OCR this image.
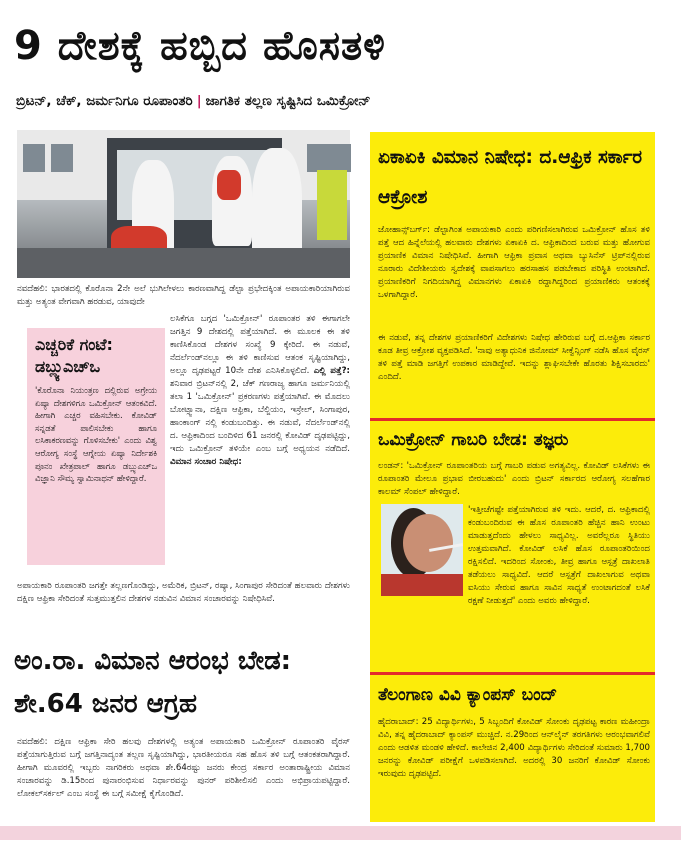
9 ದೇಶಕ್ಕೆ ಹಬ್ಬಿದ ಹೊಸತಳಿ
ಬ್ರಿಟನ್, ಚೆಕ್, ಜರ್ಮನಿಗೂ ರೂಪಾಂತರಿ | ಜಾಗತಿಕ ತಲ್ಲಣ ಸೃಷ್ಟಿಸಿದ ಒಮಿಕ್ರೋನ್
ನವದೆಹಲಿ: ಭಾರತದಲ್ಲಿ ಕೊರೊನಾ 2ನೇ ಅಲೆ ಭುಗಿಲೇಳಲು ಕಾರಣವಾಗಿದ್ದ ಡೆಲ್ಟಾ ಪ್ರಭೇದಕ್ಕಿಂತ ಅಪಾಯಕಾರಿಯಾಗಿರುವ ಮತ್ತು ಅತ್ಯಂತ ವೇಗವಾಗಿ ಹರಡುವ, ಯಾವುದೇ
ಎಚ್ಚರಿಕೆ ಗಂಟೆ: ಡಬ್ಲ್ಯುಎಚ್‌ಒ
'ಕೊರೊನಾ ನಿಯಂತ್ರಣ ದಲ್ಲಿರುವ ಅಗ್ರೇಯ ಏಷ್ಯಾ ದೇಶಗಳಿಗೂ ಒಮಿಕ್ರೋನ್ ಆತಂಕವಿದೆ. ಹೀಗಾಗಿ ಎಚ್ಚರ ವಹಿಸಬೇಕು. ಕೋವಿಡ್ ಸನ್ನಡತೆ ಪಾಲಿಸಬೇಕು ಹಾಗೂ ಲಸಿಕಾಕರಣವನ್ನು ಗೊಳಿಸಬೇಕು' ಎಂದು ವಿಶ್ವ ಆರೋಗ್ಯ ಸಂಸ್ಥೆ ಆಗ್ನೇಯ ಏಷ್ಯಾ ನಿರ್ದೇಶಕಿ ಪೂನಂ ಖೇತ್ರಪಾಲ್ ಹಾಗೂ ಡಬ್ಲ್ಯುಎಚ್‌ಒ ವಿಜ್ಞಾನಿ ಸೌಮ್ಯ ಸ್ವಾಮಿನಾಥನ್ ಹೇಳಿದ್ದಾರೆ.
ಲಸಿಕೆಗೂ ಬಗ್ಗದ 'ಒಮಿಕ್ರೋನ್' ರೂಪಾಂತರ ತಳಿ ಈಗಾಗಲೇ ಜಗತ್ತಿನ 9 ದೇಶದಲ್ಲಿ ಪತ್ತೆಯಾಗಿದೆ. ಈ ಮೂಲಕ ಈ ತಳಿ ಕಾಣಿಸಿಕೊಂಡ ದೇಶಗಳ ಸಂಖ್ಯೆ 9 ಕ್ಕೇರಿದೆ. ಈ ನಡುವೆ, ನೆದರ್ಲೆಂಡ್‌ನಲ್ಲೂ ಈ ತಳಿ ಕಾಣಿಸುವ ಆತಂಕ ಸೃಷ್ಟಿಯಾಗಿದ್ದು, ಅಲ್ಲೂ ದೃಢಪಟ್ಟರೆ 10ನೇ ದೇಶ ಎನಿಸಿಕೊಳ್ಳಲಿದೆ. ಎಲ್ಲಿ ಪತ್ತೆ?: ಶನಿವಾರ ಬ್ರಿಟನ್‌ನಲ್ಲಿ 2, ಚೆಕ್ ಗಣರಾಜ್ಯ ಹಾಗೂ ಜರ್ಮನಿಯಲ್ಲಿ ತಲಾ 1 'ಒಮಿಕ್ರೋನ್' ಪ್ರಕರಣಗಳು ಪತ್ತೆಯಾಗಿವೆ. ಈ ಮೊದಲು ಬೋಟ್ಸ್ವಾನಾ, ದಕ್ಷಿಣ ಆಫ್ರಿಕಾ, ಬೆಲ್ಜಿಯಂ, ಇಸ್ರೇಲ್, ಸಿಂಗಾಪುರ, ಹಾಂಕಾಂಗ್ ನಲ್ಲಿ ಕಂಡುಬಂದಿತ್ತು. ಈ ನಡುವೆ, ನೆದರ್ಲೆಂಡ್‌ನಲ್ಲಿ ದ. ಆಫ್ರಿಕಾದಿಂದ ಬಂದಿಳಿದ 61 ಜನರಲ್ಲಿ ಕೋವಿಡ್ ದೃಢಪಟ್ಟಿದ್ದು, ಇದು ಒಮಿಕ್ರೋನ್ ತಳಿಯೇ ಎಂಬ ಬಗ್ಗೆ ಅಧ್ಯಯನ ನಡೆದಿದೆ. ವಿಮಾನ ಸಂಚಾರ ನಿಷೇಧ:
ಅಪಾಯಕಾರಿ ರೂಪಾಂತರಿ ಜಗತ್ತೇ ತಲ್ಲಣಗೊಂಡಿದ್ದು, ಅಮೆರಿಕ, ಬ್ರಿಟನ್, ರಷ್ಯಾ, ಸಿಂಗಾಪುರ ಸೇರಿದಂತೆ ಹಲವಾರು ದೇಶಗಳು ದಕ್ಷಿಣ ಆಫ್ರಿಕಾ ಸೇರಿದಂತೆ ಸುತ್ತಮುತ್ತಲಿನ ದೇಶಗಳ ನಡುವಿನ ವಿಮಾನ ಸಂಚಾರವನ್ನು ನಿಷೇಧಿಸಿವೆ.
ಅಂ.ರಾ. ವಿಮಾನ ಆರಂಭ ಬೇಡ: ಶೇ.64 ಜನರ ಆಗ್ರಹ
ನವದೆಹಲಿ: ದಕ್ಷಿಣ ಆಫ್ರಿಕಾ ಸೇರಿ ಹಲವು ದೇಶಗಳಲ್ಲಿ ಅತ್ಯಂತ ಅಪಾಯಕಾರಿ ಒಮಿಕ್ರೋನ್ ರೂಪಾಂತರಿ ವೈರಸ್ ಪತ್ತೆಯಾಗುತ್ತಿರುವ ಬಗ್ಗೆ ಜಗತ್ತಿನಾದ್ಯಂತ ತಲ್ಲಣ ಸೃಷ್ಟಿಯಾಗಿದ್ದು, ಭಾರತೀಯರೂ ಸಹ ಹೊಸ ತಳಿ ಬಗ್ಗೆ ಆತಂಕತರಾಗಿದ್ದಾರೆ. ಹೀಗಾಗಿ ಮೂವರಲ್ಲಿ ಇಬ್ಬರು ನಾಗರಿಕರು ಅಥವಾ ಶೇ.64ರಷ್ಟು ಜನರು ಕೇಂದ್ರ ಸರ್ಕಾರ ಅಂತಾರಾಷ್ಟ್ರೀಯ ವಿಮಾನ ಸಂಚಾರವನ್ನು ಡಿ.15ರಿಂದ ಪುನಾರಂಭಿಸುವ ನಿರ್ಧಾರವನ್ನು ಪುನರ್ ಪರಿಶೀಲಿಸಲಿ ಎಂದು ಅಭಿಪ್ರಾಯಪಟ್ಟಿದ್ದಾರೆ. ಲೋಕಲ್‌ಸರ್ಕಲ್ ಎಂಬ ಸಂಸ್ಥೆ ಈ ಬಗ್ಗೆ ಸಮೀಕ್ಷೆ ಕೈಗೊಂಡಿದೆ.
ಏಕಾಏಕಿ ವಿಮಾನ ನಿಷೇಧ: ದ.ಆಫ್ರಿಕ ಸರ್ಕಾರ ಆಕ್ರೋಶ
ಜೋಹಾನ್ಸ್‌ಬರ್ಗ್: ಡೆಲ್ಟಾಗಿಂತ ಅಪಾಯಕಾರಿ ಎಂದು ಪರಿಗಣಿಸಲಾಗಿರುವ ಒಮಿಕ್ರೋನ್ ಹೊಸ ತಳಿ ಪತ್ತೆ ಆದ ಹಿನ್ನೆಲೆಯಲ್ಲಿ ಹಲವಾರು ದೇಶಗಳು ಏಕಾಏಕಿ ದ. ಆಫ್ರಿಕಾದಿಂದ ಬರುವ ಮತ್ತು ಹೋಗುವ ಪ್ರಯಾಣಿಕ ವಿಮಾನ ನಿಷೇಧಿಸಿವೆ. ಹೀಗಾಗಿ ಆಫ್ರಿಕಾ ಪ್ರವಾಸ ಅಥವಾ ಬ್ಯುಸಿನೆಸ್ ಟ್ರಿಪ್‌ನಲ್ಲಿರುವ ನೂರಾರು ವಿದೇಶೀಯರು ಸ್ವದೇಶಕ್ಕೆ ವಾಪಸಾಗಲು ಹರಸಾಹಸ ಪಡಬೇಕಾದ ಪರಿಸ್ಥಿತಿ ಉಂಟಾಗಿದೆ. ಪ್ರಯಾಣಿಕರಿಗೆ ನಿಗದಿಯಾಗಿದ್ದ ವಿಮಾನಗಳು ಏಕಾಏಕಿ ರದ್ದಾಗಿದ್ದರಿಂದ ಪ್ರಯಾಣಿಕರು ಆತಂಕಕ್ಕೆ ಒಳಗಾಗಿದ್ದಾರೆ.
ಈ ನಡುವೆ, ತನ್ನ ದೇಶಗಳ ಪ್ರಯಾಣಿಕರಿಗೆ ವಿದೇಶಗಳು ನಿಷೇಧ ಹೇರಿರುವ ಬಗ್ಗೆ ದ.ಆಫ್ರಿಕಾ ಸರ್ಕಾರ ಕೂಡ ತೀವ್ರ ಆಕ್ರೋಶ ವ್ಯಕ್ತಪಡಿಸಿದೆ. 'ನಾವು ಅತ್ಯಾಧುನಿಕ ಜಿನೋಮ್ ಸೀಕ್ವೆನ್ಸಿಂಗ್ ನಡೆಸಿ ಹೊಸ ವೈರಸ್ ತಳಿ ಪತ್ತೆ ಮಾಡಿ ಜಗತ್ತಿಗೆ ಉಪಕಾರ ಮಾಡಿದ್ದೇವೆ. ಇದನ್ನು ಶ್ಲಾಘಿಸಬೇಕೇ ಹೊರತು ಶಿಕ್ಷಿಸಬಾರದು' ಎಂದಿದೆ.
ಒಮಿಕ್ರೋನ್ ಗಾಬರಿ ಬೇಡ: ತಜ್ಞರು
ಲಂಡನ್: 'ಒಮಿಕ್ರೋನ್ ರೂಪಾಂತರಿಯ ಬಗ್ಗೆ ಗಾಬರಿ ಪಡುವ ಅಗತ್ಯವಿಲ್ಲ. ಕೋವಿಡ್ ಲಸಿಕೆಗಳು ಈ ರೂಪಾಂತರಿ ಮೇಲೂ ಪ್ರಭಾವ ಬೀರಬಹುದು' ಎಂದು ಬ್ರಿಟನ್ ಸರ್ಕಾರದ ಆರೋಗ್ಯ ಸಲಹೆಗಾರ ಕಾಲಮ್ ಸೆಂಪಲ್ ಹೇಳಿದ್ದಾರೆ.
'ಇತ್ತೀಚೆಗಷ್ಟೇ ಪತ್ತೆಯಾಗಿರುವ ತಳಿ ಇದು. ಆದರೆ, ದ. ಆಫ್ರಿಕಾದಲ್ಲಿ ಕಂಡುಬಂದಿರುವ ಈ ಹೊಸ ರೂಪಾಂತರಿ ಹೆಚ್ಚಿನ ಹಾನಿ ಉಂಟು ಮಾಡುತ್ತದೆಂದು ಹೇಳಲು ಸಾಧ್ಯವಿಲ್ಲ. ಅವರೆಲ್ಲರೂ ಸ್ಥಿತಿಯು ಉತ್ತಮವಾಗಿದೆ. ಕೋವಿಡ್ ಲಸಿಕೆ ಹೊಸ ರೂಪಾಂತರಿಯಿಂದ ರಕ್ಷಿಸಲಿದೆ. ಇದರಿಂದ ಸೋಂಕು, ತೀವ್ರ ಹಾಗೂ ಆಸ್ಪತ್ರೆ ದಾಖಲಾತಿ ತಡೆಯಲು ಸಾಧ್ಯವಿದೆ. ಆದರೆ ಆಸ್ಪತ್ರೆಗೆ ದಾಖಲಾಗುವ ಅಥವಾ ಐಸಿಯು ಸೇರುವ ಹಾಗೂ ಸಾವಿನ ಸಾಧ್ಯತೆ ಉಂಟಾಗದಂತೆ ಲಸಿಕೆ ರಕ್ಷಣೆ ನೀಡುತ್ತದೆ' ಎಂದು ಅವರು ಹೇಳಿದ್ದಾರೆ.
ತೆಲಂಗಾಣ ವಿವಿ ಕ್ಯಾಂಪಸ್ ಬಂದ್
ಹೈದರಾಬಾದ್: 25 ವಿದ್ಯಾರ್ಥಿಗಳು, 5 ಸಿಬ್ಬಂದಿಗೆ ಕೋವಿಡ್ ಸೋಂಕು ದೃಢಪಟ್ಟ ಕಾರಣ ಮಹೀಂದ್ರಾ ವಿವಿ, ತನ್ನ ಹೈದರಾಬಾದ್ ಕ್ಯಾಂಪಸ್ ಮುಚ್ಚಿದೆ. ನ.29ರಿಂದ ಆನ್‌ಲೈನ್ ತರಗತಿಗಳು ಆರಂಭವಾಗಲಿವೆ ಎಂದು ಆಡಳಿತ ಮಂಡಳಿ ಹೇಳಿದೆ. ಕಾಲೇಜಿನ 2,400 ವಿದ್ಯಾರ್ಥಿಗಳು ಸೇರಿದಂತೆ ಸುಮಾರು 1,700 ಜನರನ್ನು ಕೋವಿಡ್ ಪರೀಕ್ಷೆಗೆ ಒಳಪಡಿಸಲಾಗಿದೆ. ಅದರಲ್ಲಿ 30 ಜನರಿಗೆ ಕೋವಿಡ್ ಸೋಂಕು ಇರುವುದು ದೃಢಪಟ್ಟಿದೆ.
